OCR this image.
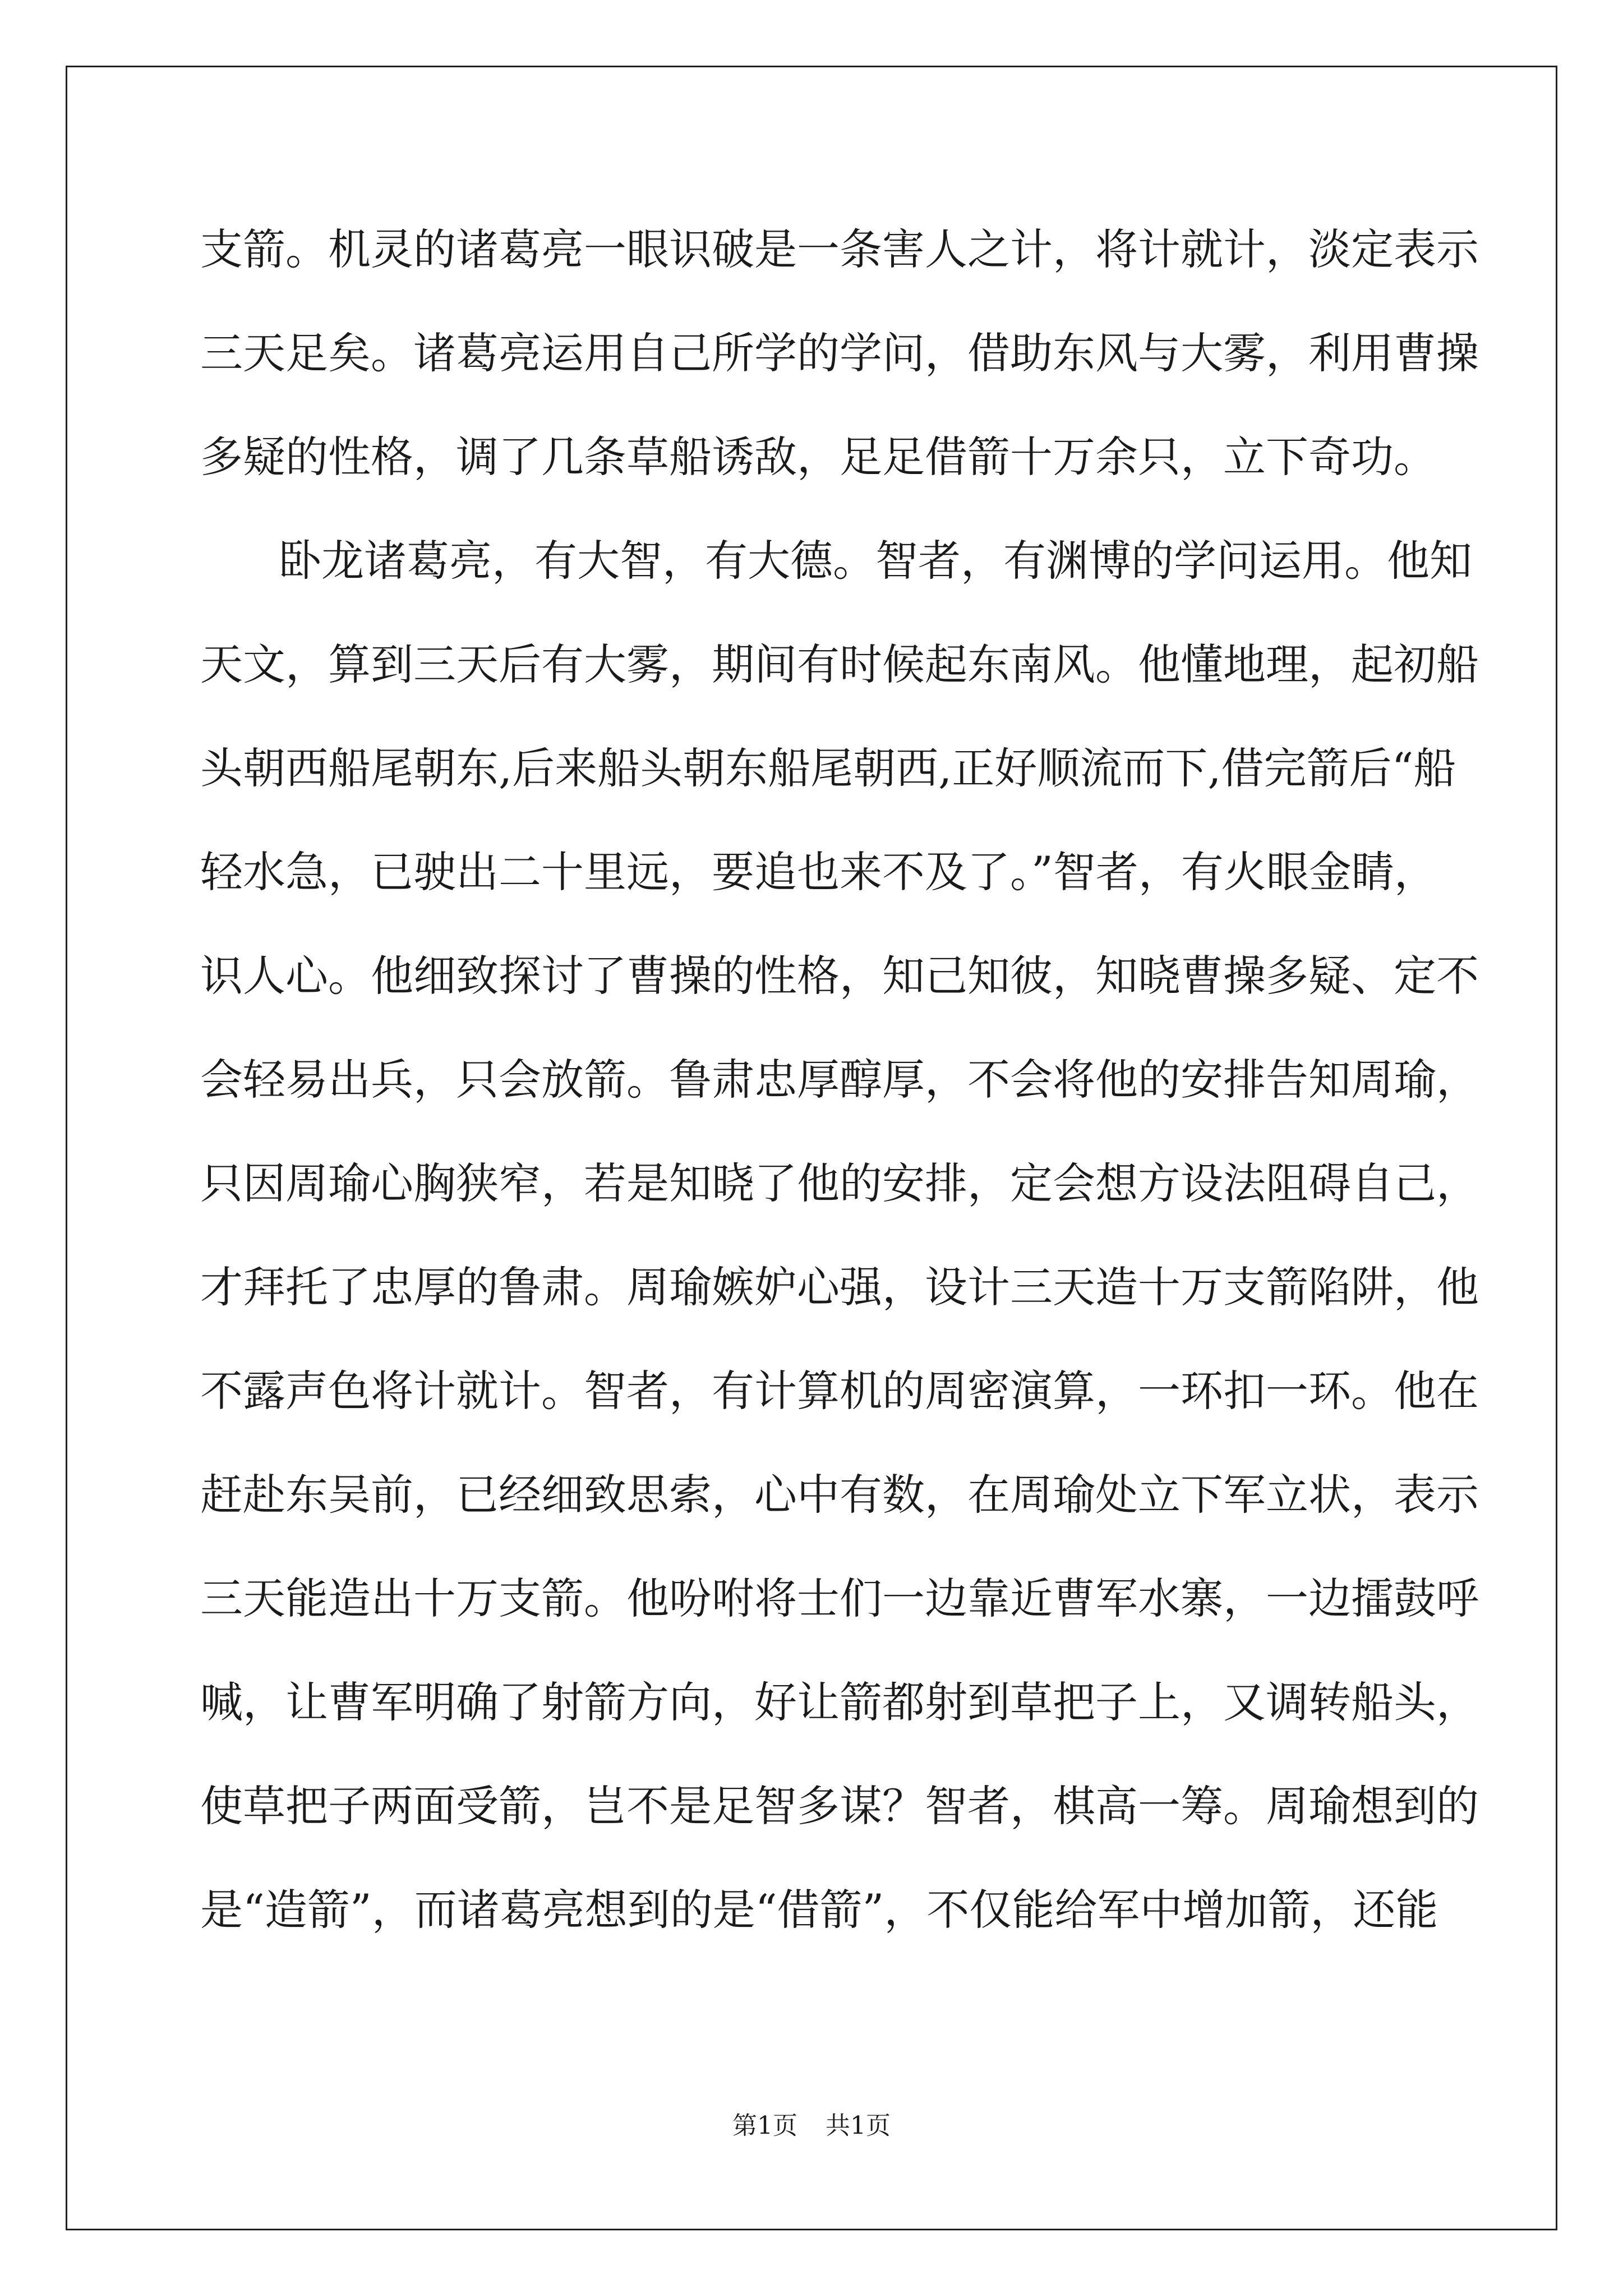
支箭。机灵的诸葛亮一眼识破是一条害人之计，将计就计，淡定表示
三天足矣。诸葛亮运用自己所学的学问，借助东风与大雾，利用曹操
多疑的性格，调了几条草船诱敌，足足借箭十万余只，立下奇功。
卧龙诸葛亮，有大智，有大德。智者，有渊博的学问运用。他知
天文，算到三天后有大雾，期间有时候起东南风。他懂地理，起初船
头朝西船尾朝东,后来船头朝东船尾朝西,正好顺流而下,借完箭后“船
轻水急，已驶出二十里远，要追也来不及了。”智者，有火眼金睛，
识人心。他细致探讨了曹操的性格，知己知彼，知晓曹操多疑、定不
会轻易出兵，只会放箭。鲁肃忠厚醇厚，不会将他的安排告知周瑜，
只因周瑜心胸狭窄，若是知晓了他的安排，定会想方设法阻碍自己，
才拜托了忠厚的鲁肃。周瑜嫉妒心强，设计三天造十万支箭陷阱，他
不露声色将计就计。智者，有计算机的周密演算，一环扣一环。他在
赶赴东吴前，已经细致思索，心中有数，在周瑜处立下军立状，表示
三天能造出十万支箭。他吩咐将士们一边靠近曹军水寨，一边擂鼓呼
喊，让曹军明确了射箭方向，好让箭都射到草把子上，又调转船头，
使草把子两面受箭，岂不是足智多谋？智者，棋高一筹。周瑜想到的
是“造箭”，而诸葛亮想到的是“借箭”，不仅能给军中增加箭，还能
第1页 共1页
